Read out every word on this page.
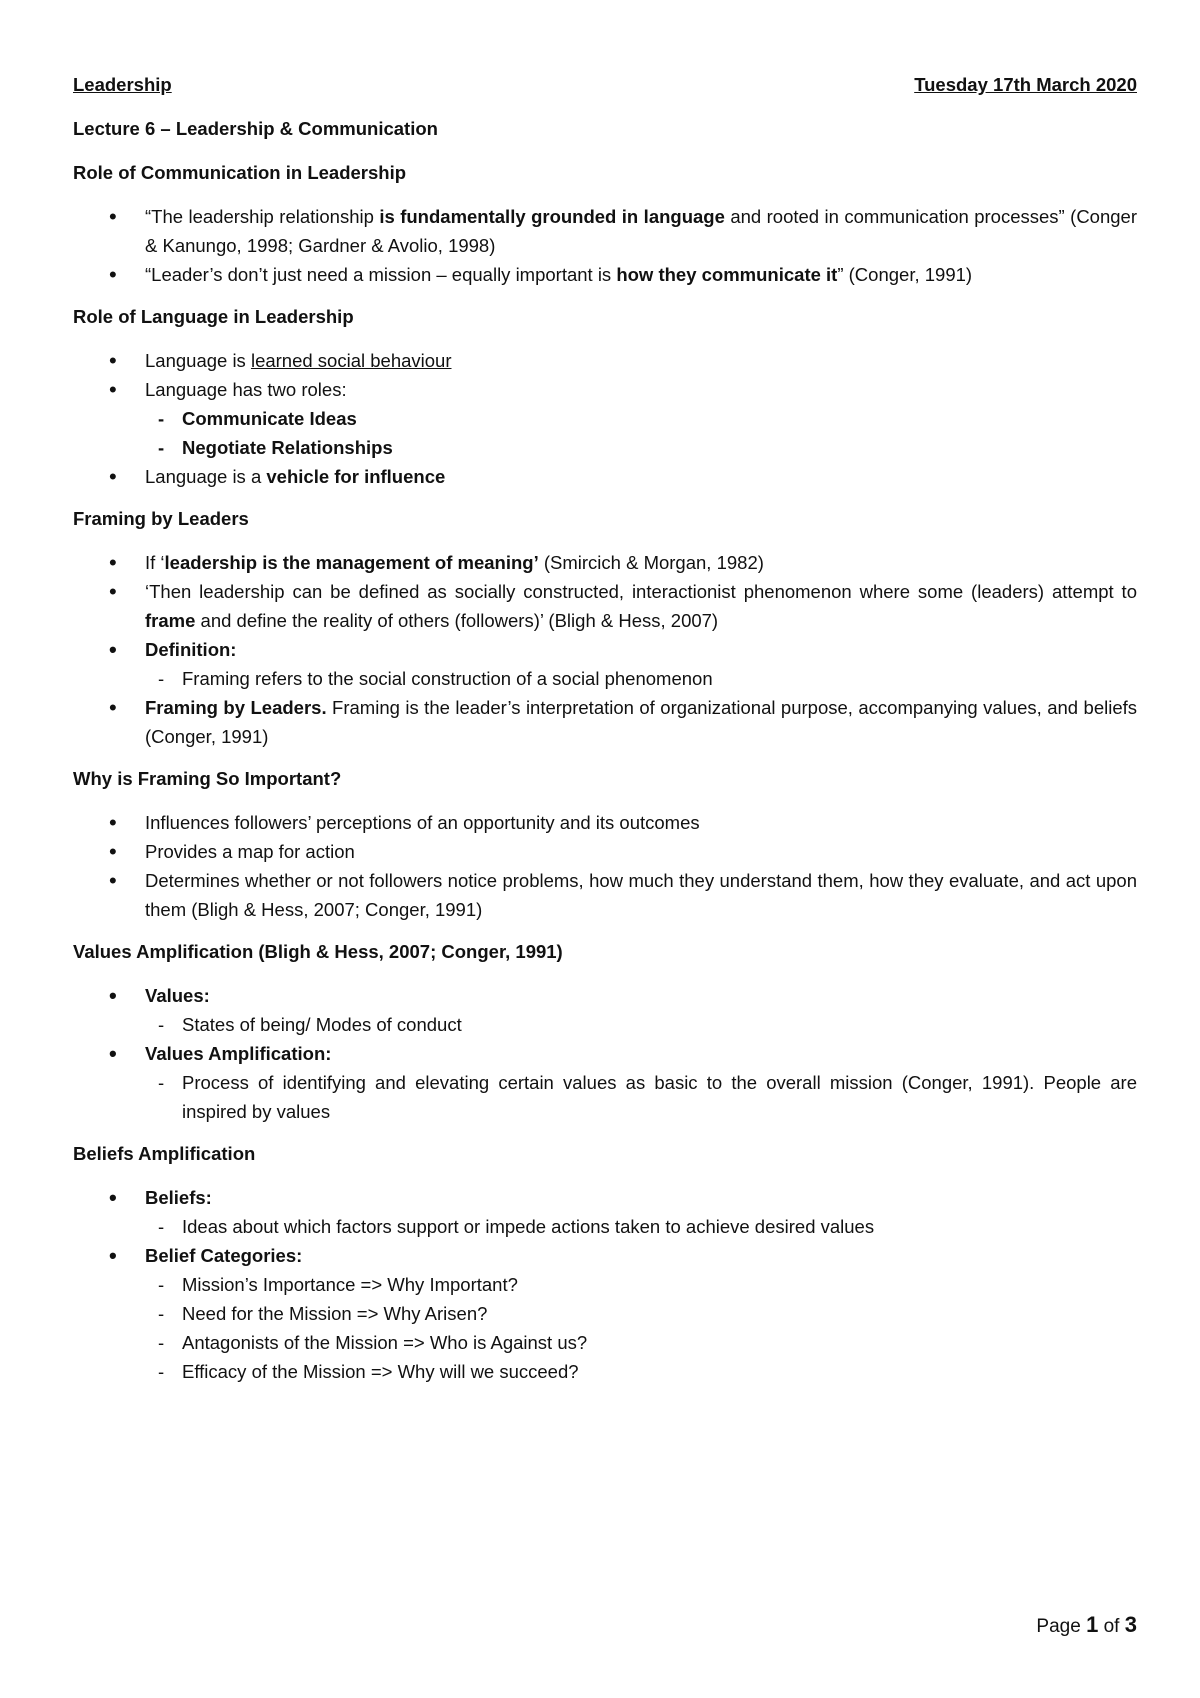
Leadership	Tuesday 17th March 2020
Lecture 6 – Leadership & Communication
Role of Communication in Leadership
• “The leadership relationship is fundamentally grounded in language and rooted in communication processes” (Conger & Kanungo, 1998; Gardner & Avolio, 1998)
• “Leader’s don’t just need a mission – equally important is how they communicate it” (Conger, 1991)
Role of Language in Leadership
• Language is learned social behaviour
• Language has two roles:
- Communicate Ideas
- Negotiate Relationships
• Language is a vehicle for influence
Framing by Leaders
• If ‘leadership is the management of meaning’ (Smircich & Morgan, 1982)
• ‘Then leadership can be defined as socially constructed, interactionist phenomenon where some (leaders) attempt to frame and define the reality of others (followers)’ (Bligh & Hess, 2007)
• Definition:
- Framing refers to the social construction of a social phenomenon
• Framing by Leaders. Framing is the leader’s interpretation of organizational purpose, accompanying values, and beliefs (Conger, 1991)
Why is Framing So Important?
• Influences followers’ perceptions of an opportunity and its outcomes
• Provides a map for action
• Determines whether or not followers notice problems, how much they understand them, how they evaluate, and act upon them (Bligh & Hess, 2007; Conger, 1991)
Values Amplification (Bligh & Hess, 2007; Conger, 1991)
• Values:
- States of being/ Modes of conduct
• Values Amplification:
- Process of identifying and elevating certain values as basic to the overall mission (Conger, 1991). People are inspired by values
Beliefs Amplification
• Beliefs:
- Ideas about which factors support or impede actions taken to achieve desired values
• Belief Categories:
- Mission’s Importance => Why Important?
- Need for the Mission => Why Arisen?
- Antagonists of the Mission => Who is Against us?
- Efficacy of the Mission => Why will we succeed?
Page 1 of 3
